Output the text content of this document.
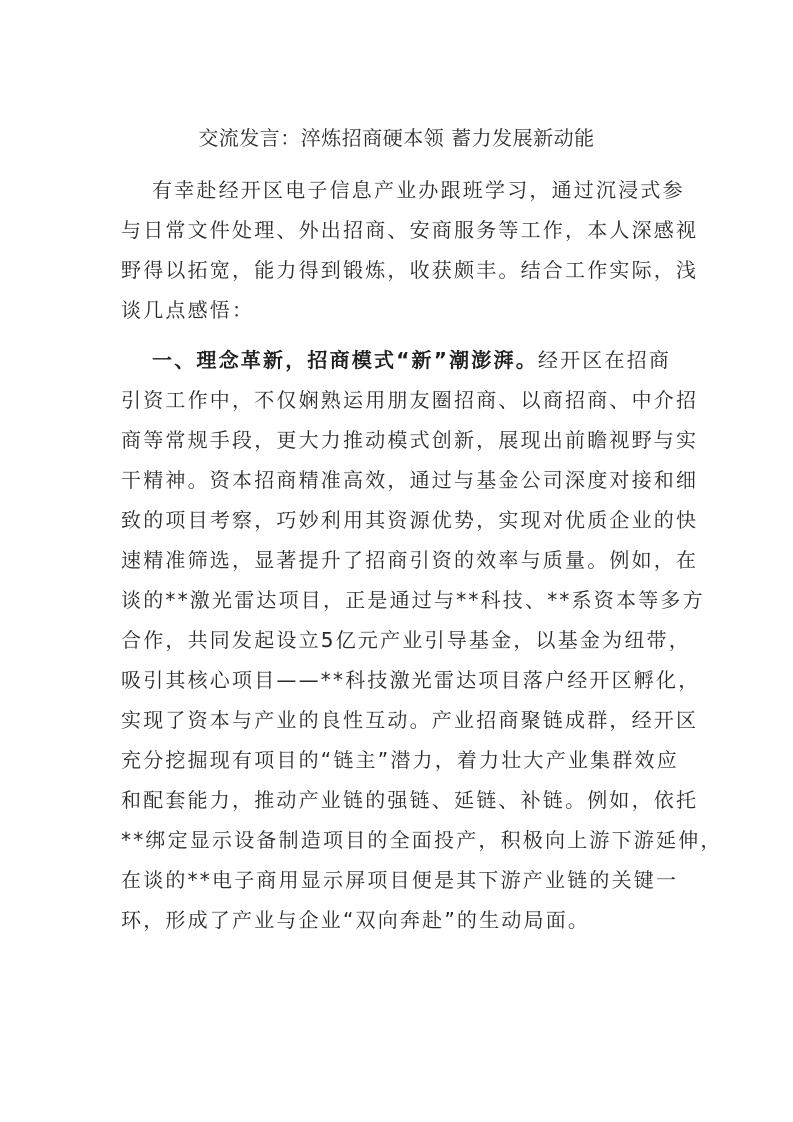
交流发言：淬炼招商硬本领 蓄力发展新动能
有幸赴经开区电子信息产业办跟班学习，通过沉浸式参
与日常文件处理、外出招商、安商服务等工作，本人深感视
野得以拓宽，能力得到锻炼，收获颇丰。结合工作实际，浅
谈几点感悟：
一、理念革新，招商模式“新”潮澎湃。经开区在招商
引资工作中，不仅娴熟运用朋友圈招商、以商招商、中介招
商等常规手段，更大力推动模式创新，展现出前瞻视野与实
干精神。资本招商精准高效，通过与基金公司深度对接和细
致的项目考察，巧妙利用其资源优势，实现对优质企业的快
速精准筛选，显著提升了招商引资的效率与质量。例如，在
谈的**激光雷达项目，正是通过与**科技、**系资本等多方
合作，共同发起设立5亿元产业引导基金，以基金为纽带，
吸引其核心项目——**科技激光雷达项目落户经开区孵化，
实现了资本与产业的良性互动。产业招商聚链成群，经开区
充分挖掘现有项目的“链主”潜力，着力壮大产业集群效应
和配套能力，推动产业链的强链、延链、补链。例如，依托
**绑定显示设备制造项目的全面投产，积极向上游下游延伸，
在谈的**电子商用显示屏项目便是其下游产业链的关键一
环，形成了产业与企业“双向奔赴”的生动局面。
